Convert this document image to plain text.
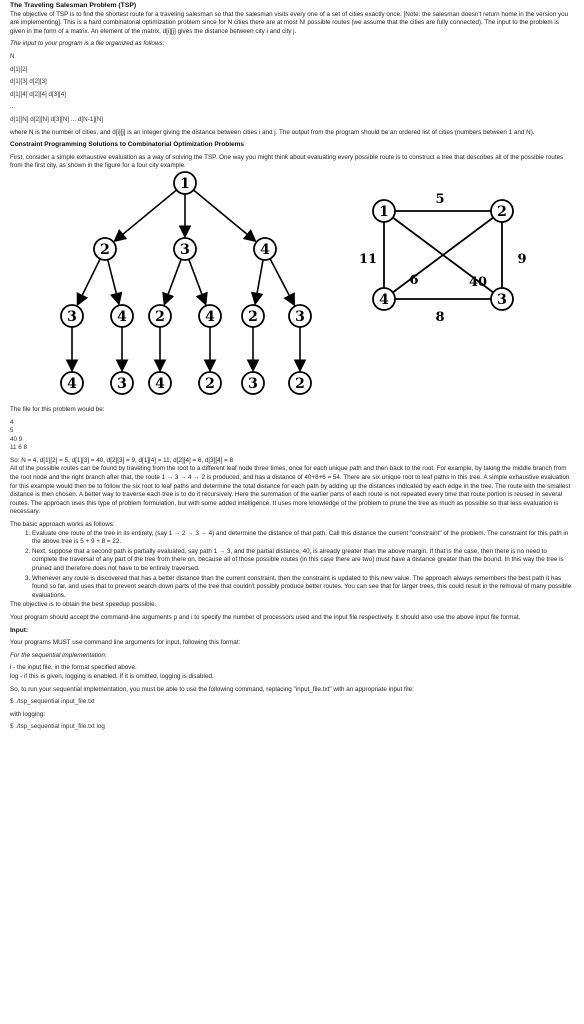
The Traveling Salesman Problem (TSP)

The objective of TSP is to find the shortest route for a traveling salesman so that the salesman visits every one of a set of cities exactly once. [Note: the salesman doesn't return home in the version you are implementing]. This is a hard combinatorial optimization problem since for N cities there are at most N! possible routes (we assume that the cities are fully connected). The input to the problem is given in the form of a matrix. An element of the matrix, d[i][j] gives the distance between city i and city j.

The input to your program is a file organized as follows:

N

d[1][2]

d[1][3] d[2][3]

d[1][4] d[2][4] d[3][4]

...

d[1][N] d[2][N] d[3][N] ... d[N-1][N]

where N is the number of cities, and d[i][j] is an integer giving the distance between cities i and j. The output from the program should be an ordered list of cities (numbers between 1 and N).

Constraint Programming Solutions to Combinatorial Optimization Problems

First, consider a simple exhaustive evaluation as a way of solving the TSP. One way you might think about evaluating every possible route is to construct a tree that describes all of the possible routes from the first city, as shown in the figure for a four city example.

1
2	3	4
3	4 2	4 2	3
4	3 4	2 3	2
1	2
3
4
5
11
6	40
9
8

The file for this problem would be:

4

5

40 9

11 6 8

So: N = 4, d[1][2] = 5, d[1][3] = 40, d[2][3] = 9, d[1][4] = 11, d[2][4] = 6, d[3][4] = 8

All of the possible routes can be found by traveling from the root to a different leaf node three times, once for each unique path and then back to the root. For example, by taking the middle branch from the root node and the right branch after that, the route 1 → 3 → 4 → 2 is produced, and has a distance of 40+8+6 = 54. There are six unique root to leaf paths in this tree. A simple exhaustive evaluation for this example would then be to follow the six root to leaf paths and determine the total distance for each path by adding up the distances indicated by each edge in the tree. The route with the smallest distance is then chosen. A better way to traverse each tree is to do it recursively. Here the summation of the earlier parts of each route is not repeated every time that route portion is reused in several routes. The approach uses this type of problem formulation, but with some added intelligence. It uses more knowledge of the problem to prune the tree as much as possible so that less evaluation is necessary.

The basic approach works as follows:

1. Evaluate one route of the tree in its entirety, (say 1 → 2 → 3 → 4) and determine the distance of that path. Call this distance the current "constraint" of the problem. The constraint for this path in the above tree is 5 + 9 + 8 = 22.
2. Next, suppose that a second path is partially evaluated, say path 1 → 3, and the partial distance, 40, is already greater than the above margin. If that is the case, then there is no need to complete the traversal of any part of the tree from there on, because all of those possible routes (in this case there are two) must have a distance greater than the bound. In this way the tree is pruned and therefore does not have to be entirely traversed.
3. Whenever any route is discovered that has a better distance than the current constraint, then the constraint is updated to this new value. The approach always remembers the best path it has found so far, and uses that to prevent search down parts of the tree that couldn't possibly produce better routes. You can see that for larger trees, this could result in the removal of many possible evaluations.

The objective is to obtain the best speedup possible.

Your program should accept the command-line arguments p and i to specify the number of processors used and the input file respectively. It should also use the above input file format.

Input:

Your programs MUST use command line arguments for input, following this format:

For the sequential implementation:

i - the input file, in the format specified above.

log - if this is given, logging is enabled. If it is omitted, logging is disabled.

So, to run your sequential implementation, you must be able to use the following command, replacing "input_file.txt" with an appropriate input file:

$ ./tsp_sequential input_file.txt

with logging:

$ ./tsp_sequential input_file.txt log
